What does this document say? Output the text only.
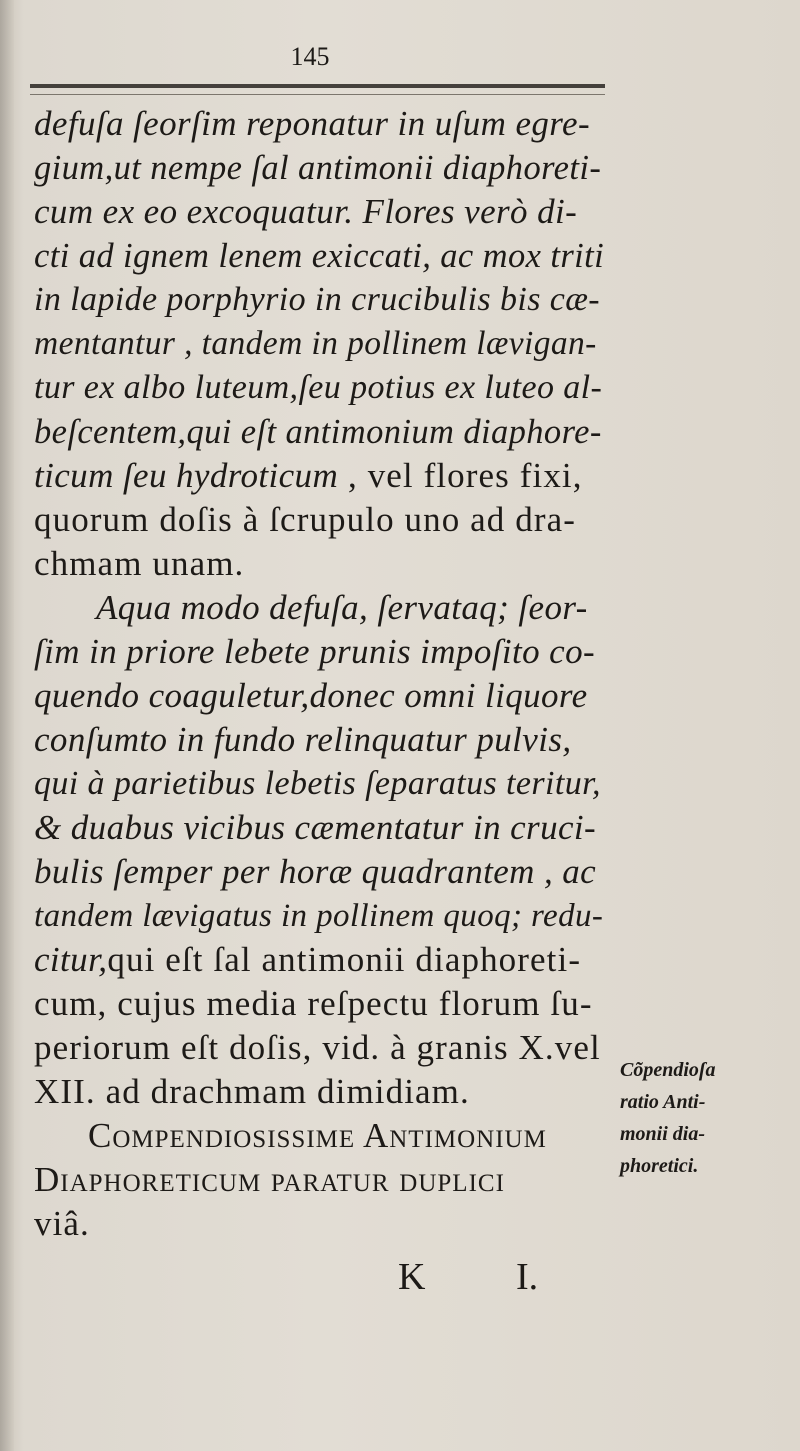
145
defuſa ſeorſim reponatur in uſum egre-
gium,ut nempe ſal antimonii diaphoreti-
cum ex eo excoquatur. Flores verò di-
cti ad ignem lenem exiccati, ac mox triti
in lapide porphyrio in crucibulis bis cæ-
mentantur , tandem in pollinem lævigan-
tur ex albo luteum,ſeu potius ex luteo al-
beſcentem,qui eſt antimonium diaphore-
ticum ſeu hydroticum , vel flores fixi,
quorum doſis à ſcrupulo uno ad dra-
chmam unam.
Aqua modo defuſa, ſervataq; ſeor-
ſim in priore lebete prunis impoſito co-
quendo coaguletur,donec omni liquore
conſumto in fundo relinquatur pulvis,
qui à parietibus lebetis ſeparatus teritur,
& duabus vicibus cæmentatur in cruci-
bulis ſemper per horæ quadrantem , ac
tandem lævigatus in pollinem quoq; redu-
citur,qui eſt ſal antimonii diaphoreti-
cum, cujus media reſpectu florum ſu-
periorum eſt doſis, vid. à granis X.vel
XII. ad drachmam dimidiam.
Compendiosissime Antimonium
Diaphoreticum paratur duplici
viâ.
Cõpendioſa
ratio Anti-
monii dia-
phoretici.
K I.
